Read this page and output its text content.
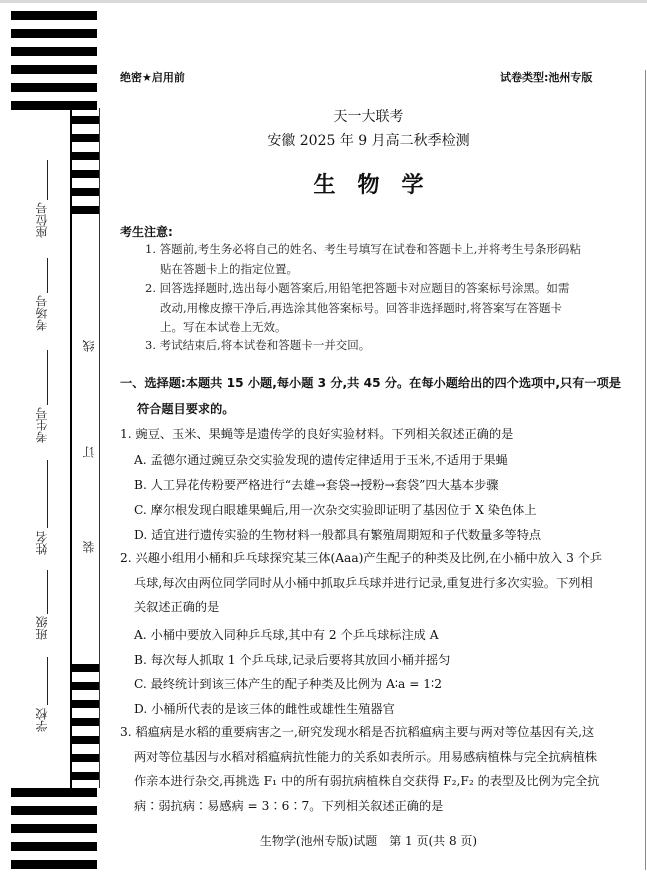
线
订
装
座位号
考场号
考生号
姓名
班级
学校
绝密★启用前	试卷类型:池州专版
天一大联考
安徽 2025 年 9 月高二秋季检测
生物学
考生注意:
1. 答题前,考生务必将自己的姓名、考生号填写在试卷和答题卡上,并将考生号条形码粘
贴在答题卡上的指定位置。
2. 回答选择题时,选出每小题答案后,用铅笔把答题卡对应题目的答案标号涂黑。如需
改动,用橡皮擦干净后,再选涂其他答案标号。回答非选择题时,将答案写在答题卡
上。写在本试卷上无效。
3. 考试结束后,将本试卷和答题卡一并交回。
一、选择题:本题共 15 小题,每小题 3 分,共 45 分。在每小题给出的四个选项中,只有一项是
符合题目要求的。
1. 豌豆、玉米、果蝇等是遗传学的良好实验材料。下列相关叙述正确的是
A. 孟德尔通过豌豆杂交实验发现的遗传定律适用于玉米,不适用于果蝇
B. 人工异花传粉要严格进行“去雄→套袋→授粉→套袋”四大基本步骤
C. 摩尔根发现白眼雄果蝇后,用一次杂交实验即证明了基因位于 X 染色体上
D. 适宜进行遗传实验的生物材料一般都具有繁殖周期短和子代数量多等特点
2. 兴趣小组用小桶和乒乓球探究某三体(Aaa)产生配子的种类及比例,在小桶中放入 3 个乒
乓球,每次由两位同学同时从小桶中抓取乒乓球并进行记录,重复进行多次实验。下列相
关叙述正确的是
A. 小桶中要放入同种乒乓球,其中有 2 个乒乓球标注成 A
B. 每次每人抓取 1 个乒乓球,记录后要将其放回小桶并摇匀
C. 最终统计到该三体产生的配子种类及比例为 A∶a = 1∶2
D. 小桶所代表的是该三体的雌性或雄性生殖器官
3. 稻瘟病是水稻的重要病害之一,研究发现水稻是否抗稻瘟病主要与两对等位基因有关,这
两对等位基因与水稻对稻瘟病抗性能力的关系如表所示。用易感病植株与完全抗病植株
作亲本进行杂交,再挑选 F₁ 中的所有弱抗病植株自交获得 F₂,F₂ 的表型及比例为完全抗
病∶弱抗病∶易感病 = 3∶6∶7。下列相关叙述正确的是
生物学(池州专版)试题　第 1 页(共 8 页)
